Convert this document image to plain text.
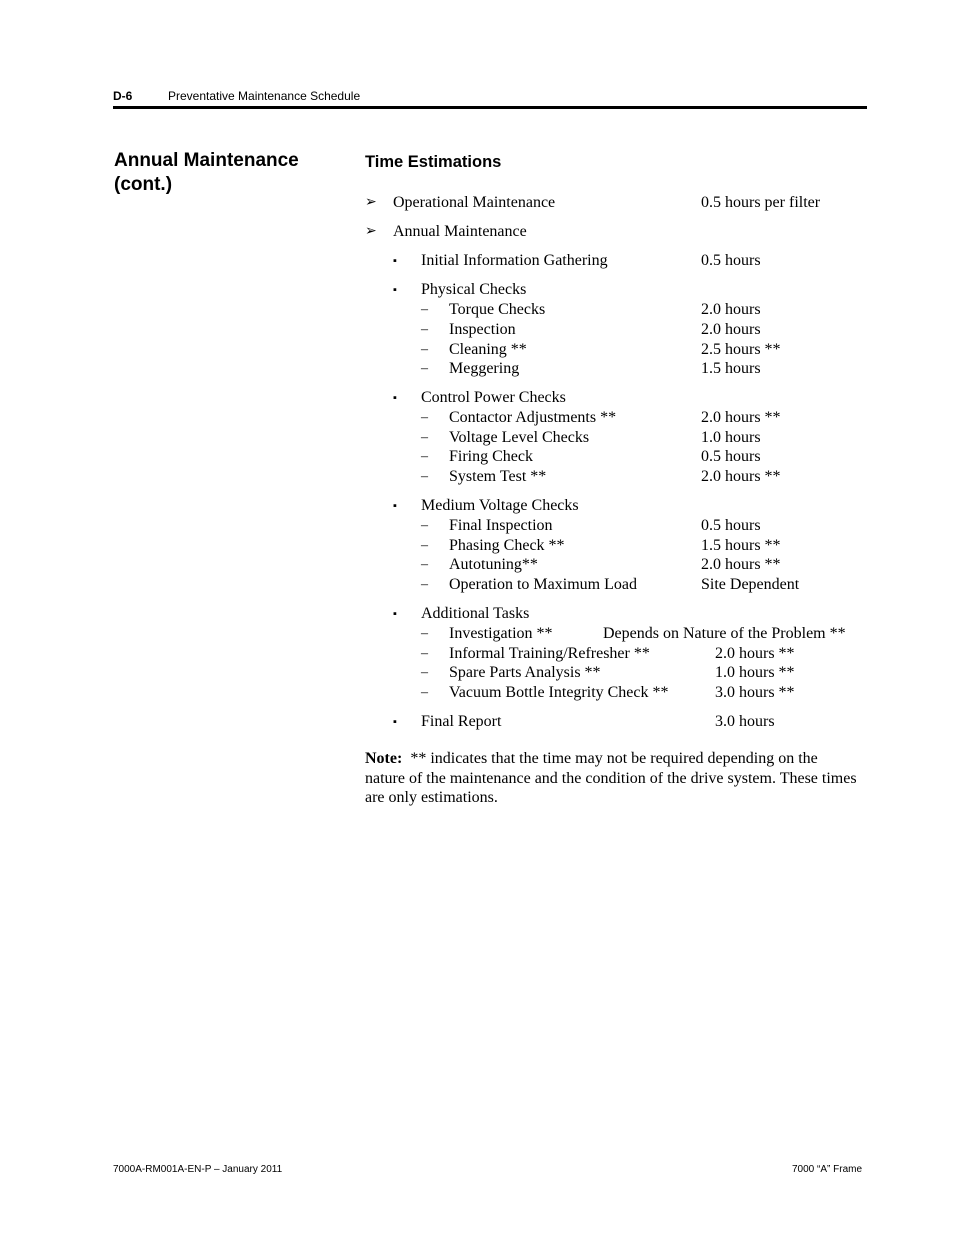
D-6	Preventative Maintenance Schedule
Annual Maintenance
(cont.)
Time Estimations
➢ Operational Maintenance	0.5 hours per filter
➢ Annual Maintenance
▪ Initial Information Gathering	0.5 hours
▪ Physical Checks
– Torque Checks	2.0 hours
– Inspection	2.0 hours
– Cleaning **	2.5 hours **
– Meggering	1.5 hours
▪ Control Power Checks
– Contactor Adjustments **	2.0 hours **
– Voltage Level Checks	1.0 hours
– Firing Check	0.5 hours
– System Test **	2.0 hours **
▪ Medium Voltage Checks
– Final Inspection	0.5 hours
– Phasing Check **	1.5 hours **
– Autotuning**	2.0 hours **
– Operation to Maximum Load	Site Dependent
▪ Additional Tasks
– Investigation **	Depends on Nature of the Problem **
– Informal Training/Refresher **	2.0 hours **
– Spare Parts Analysis **	1.0 hours **
– Vacuum Bottle Integrity Check **	3.0 hours **
▪ Final Report	3.0 hours
Note: ** indicates that the time may not be required depending on the nature of the maintenance and the condition of the drive system. These times are only estimations.
7000A-RM001A-EN-P – January 2011	7000 “A” Frame
